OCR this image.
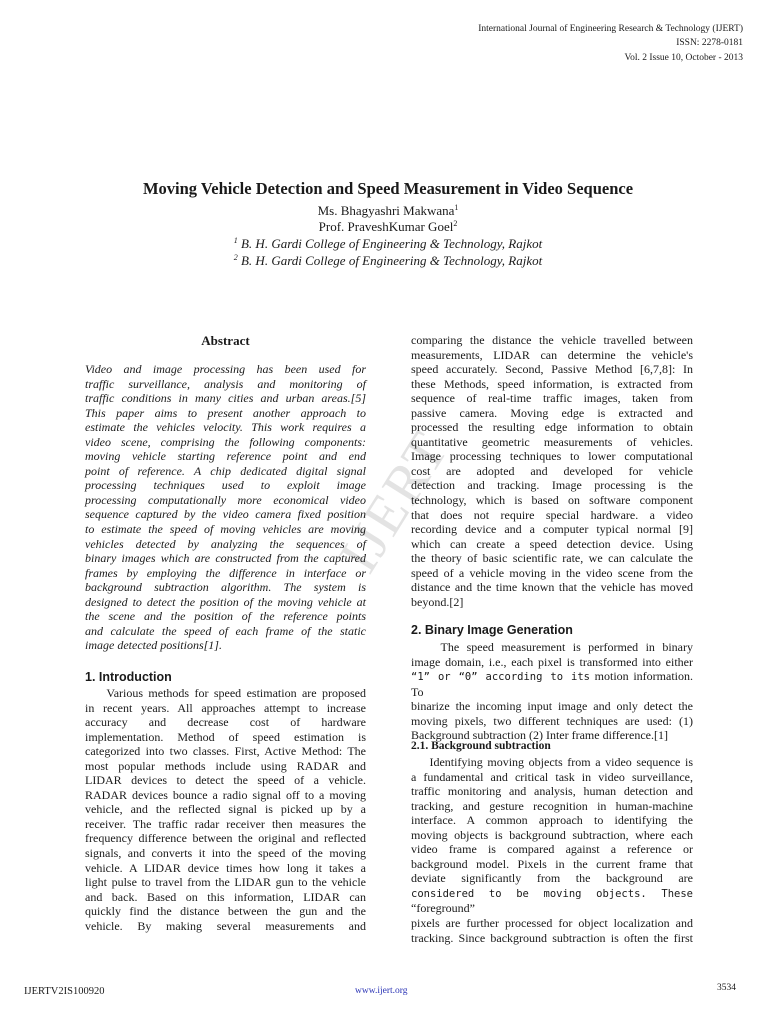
IJERT
International Journal of Engineering Research & Technology (IJERT)
ISSN: 2278-0181
Vol. 2 Issue 10, October - 2013
Moving Vehicle Detection and Speed Measurement in Video Sequence
Ms. Bhagyashri Makwana$^1$
Prof. PraveshKumar Goel$^2$
$^1$ B. H. Gardi College of Engineering & Technology, Rajkot
$^2$ B. H. Gardi College of Engineering & Technology, Rajkot
Abstract

Video and image processing has been used for

traffic surveillance, analysis and monitoring of

traffic conditions in many cities and urban areas.[5]

This paper aims to present another approach to

estimate the vehicles velocity. This work requires a

video scene, comprising the following components:

moving vehicle starting reference point and end

point of reference. A chip dedicated digital signal

processing techniques used to exploit image

processing computationally more economical video

sequence captured by the video camera fixed position

to estimate the speed of moving vehicles are moving

vehicles detected by analyzing the sequences of

binary images which are constructed from the captured

frames by employing the difference in interface or

background subtraction algorithm. The system is

designed to detect the position of the moving vehicle at

the scene and the position of the reference points

and calculate the speed of each frame of the static

image detected positions[1].

1. Introduction

Various methods for speed estimation are proposed

in recent years. All approaches attempt to increase

accuracy and decrease cost of hardware

implementation. Method of speed estimation is

categorized into two classes. First, Active Method: The

most popular methods include using RADAR and

LIDAR devices to detect the speed of a vehicle.

RADAR devices bounce a radio signal off to a moving

vehicle, and the reflected signal is picked up by a

receiver. The traffic radar receiver then measures the

frequency difference between the original and reflected

signals, and converts it into the speed of the moving

vehicle. A LIDAR device times how long it takes a

light pulse to travel from the LIDAR gun to the vehicle

and back. Based on this information, LIDAR can

quickly find the distance between the gun and the

vehicle. By making several measurements and

comparing the distance the vehicle travelled between

measurements, LIDAR can determine the vehicle's

speed accurately. Second, Passive Method [6,7,8]: In

these Methods, speed information, is extracted from

sequence of real-time traffic images, taken from

passive camera. Moving edge is extracted and

processed the resulting edge information to obtain

quantitative geometric measurements of vehicles.

Image processing techniques to lower computational

cost are adopted and developed for vehicle

detection and tracking. Image processing is the

technology, which is based on software component

that does not require special hardware. a video

recording device and a computer typical normal [9]

which can create a speed detection device. Using

the theory of basic scientific rate, we can calculate the

speed of a vehicle moving in the video scene from the

distance and the time known that the vehicle has moved

beyond.[2]

2. Binary Image Generation

The speed measurement is performed in binary

image domain, i.e., each pixel is transformed into either

“1” or “0” according to its motion information. To

binarize the incoming input image and only detect the

moving pixels, two different techniques are used: (1)

Background subtraction (2) Inter frame difference.[1]

2.1. Background subtraction

Identifying moving objects from a video sequence is

a fundamental and critical task in video surveillance,

traffic monitoring and analysis, human detection and

tracking, and gesture recognition in human-machine

interface. A common approach to identifying the

moving objects is background subtraction, where each

video frame is compared against a reference or

background model. Pixels in the current frame that

deviate significantly from the background are

considered to be moving objects. These “foreground”

pixels are further processed for object localization and

tracking. Since background subtraction is often the first

IJERTV2IS100920	www.ijert.org	3534
